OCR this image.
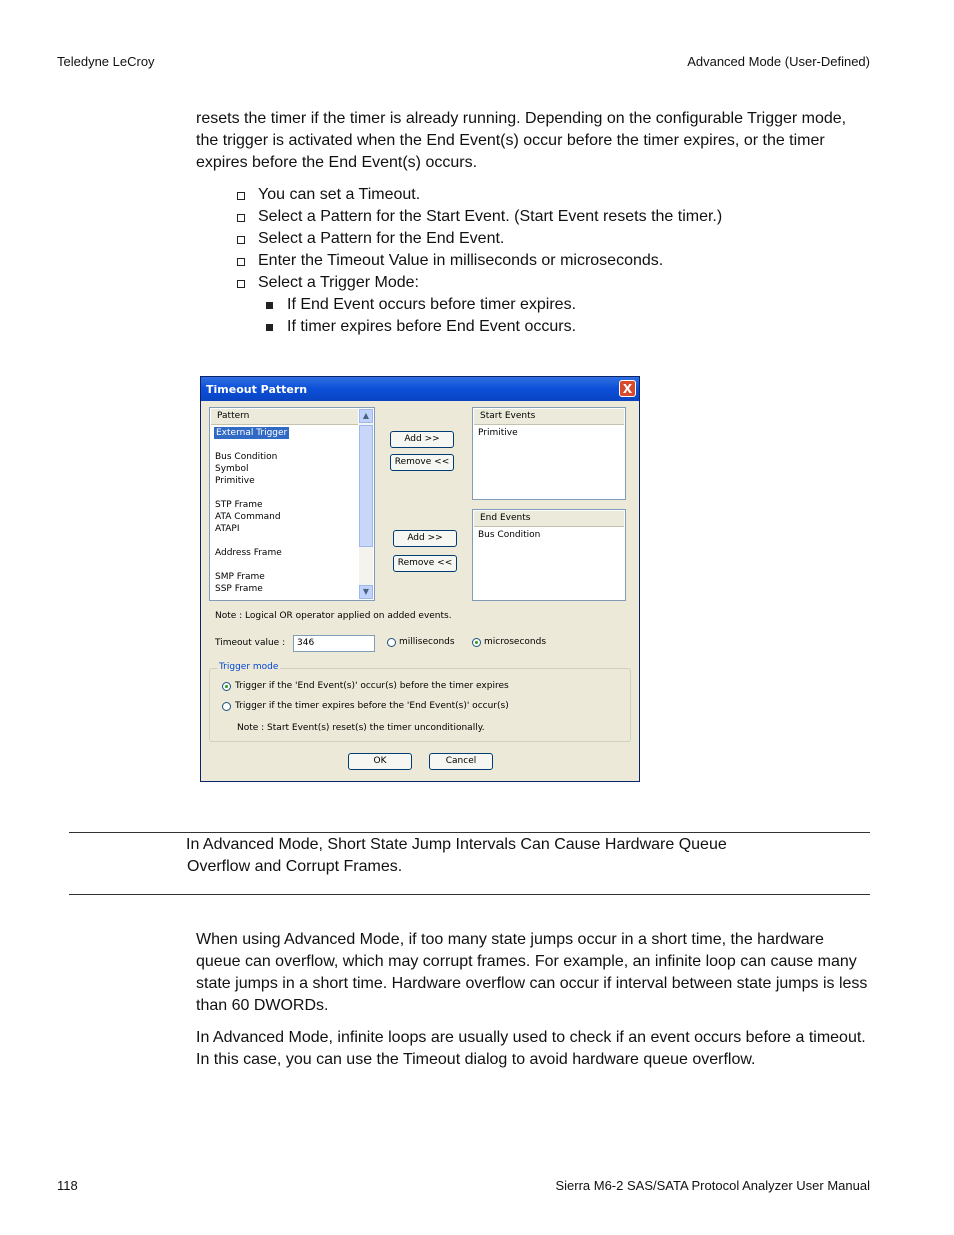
Teledyne LeCroy	Advanced Mode (User-Defined)
resets the timer if the timer is already running. Depending on the configurable Trigger mode, the trigger is activated when the End Event(s) occur before the timer expires, or the timer expires before the End Event(s) occurs.
You can set a Timeout.
Select a Pattern for the Start Event. (Start Event resets the timer.)
Select a Pattern for the End Event.
Enter the Timeout Value in milliseconds or microseconds.
Select a Trigger Mode:
If End Event occurs before timer expires.
If timer expires before End Event occurs.
Timeout Pattern	X
Pattern
External Trigger
Bus Condition
Symbol
Primitive
STP Frame
ATA Command
ATAPI
Address Frame
SMP Frame
SSP Frame
▲
▼
Add >>
Remove <<
Start Events
Primitive
Add >>
Remove <<
End Events
Bus Condition
Note : Logical OR operator applied on added events.
Timeout value :	346	milliseconds	microseconds
Trigger mode
Trigger if the 'End Event(s)' occur(s) before the timer expires
Trigger if the timer expires before the 'End Event(s)' occur(s)
Note : Start Event(s) reset(s) the timer unconditionally.
OK	Cancel
In Advanced Mode, Short State Jump Intervals Can Cause Hardware Queue
Overflow and Corrupt Frames.
When using Advanced Mode, if too many state jumps occur in a short time, the hardware queue can overflow, which may corrupt frames. For example, an infinite loop can cause many state jumps in a short time. Hardware overflow can occur if interval between state jumps is less than 60 DWORDs.
In Advanced Mode, infinite loops are usually used to check if an event occurs before a timeout. In this case, you can use the Timeout dialog to avoid hardware queue overflow.
118	Sierra M6-2 SAS/SATA Protocol Analyzer User Manual
